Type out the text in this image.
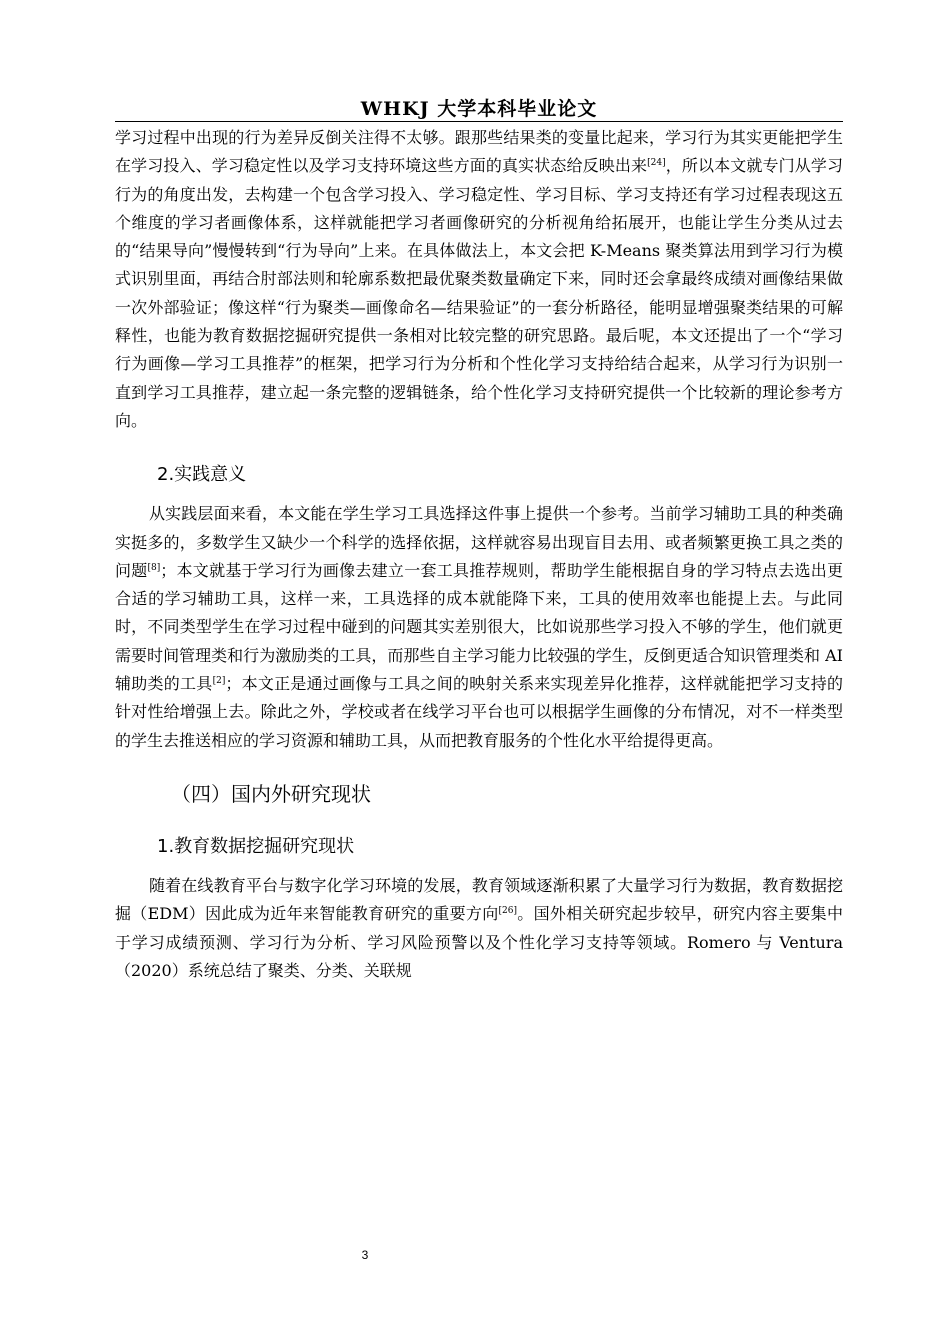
WHKJ 大学本科毕业论文

学习过程中出现的行为差异反倒关注得不太够。跟那些结果类的变量比起来，学习行为其实更能把学生在学习投入、学习稳定性以及学习支持环境这些方面的真实状态给反映出来[24]，所以本文就专门从学习行为的角度出发，去构建一个包含学习投入、学习稳定性、学习目标、学习支持还有学习过程表现这五个维度的学习者画像体系，这样就能把学习者画像研究的分析视角给拓展开，也能让学生分类从过去的“结果导向”慢慢转到“行为导向”上来。在具体做法上，本文会把 K-Means 聚类算法用到学习行为模式识别里面，再结合肘部法则和轮廓系数把最优聚类数量确定下来，同时还会拿最终成绩对画像结果做一次外部验证；像这样“行为聚类—画像命名—结果验证”的一套分析路径，能明显增强聚类结果的可解释性，也能为教育数据挖掘研究提供一条相对比较完整的研究思路。最后呢，本文还提出了一个“学习行为画像—学习工具推荐”的框架，把学习行为分析和个性化学习支持给结合起来，从学习行为识别一直到学习工具推荐，建立起一条完整的逻辑链条，给个性化学习支持研究提供一个比较新的理论参考方向。

2.实践意义

从实践层面来看，本文能在学生学习工具选择这件事上提供一个参考。当前学习辅助工具的种类确实挺多的，多数学生又缺少一个科学的选择依据，这样就容易出现盲目去用、或者频繁更换工具之类的问题[8]；本文就基于学习行为画像去建立一套工具推荐规则，帮助学生能根据自身的学习特点去选出更合适的学习辅助工具，这样一来，工具选择的成本就能降下来，工具的使用效率也能提上去。与此同时，不同类型学生在学习过程中碰到的问题其实差别很大，比如说那些学习投入不够的学生，他们就更需要时间管理类和行为激励类的工具，而那些自主学习能力比较强的学生，反倒更适合知识管理类和 AI 辅助类的工具[2]；本文正是通过画像与工具之间的映射关系来实现差异化推荐，这样就能把学习支持的针对性给增强上去。除此之外，学校或者在线学习平台也可以根据学生画像的分布情况，对不一样类型的学生去推送相应的学习资源和辅助工具，从而把教育服务的个性化水平给提得更高。

（四）国内外研究现状
1.教育数据挖掘研究现状

随着在线教育平台与数字化学习环境的发展，教育领域逐渐积累了大量学习行为数据，教育数据挖掘（EDM）因此成为近年来智能教育研究的重要方向[26]。国外相关研究起步较早，研究内容主要集中于学习成绩预测、学习行为分析、学习风险预警以及个性化学习支持等领域。Romero 与 Ventura（2020）系统总结了聚类、分类、关联规

3
